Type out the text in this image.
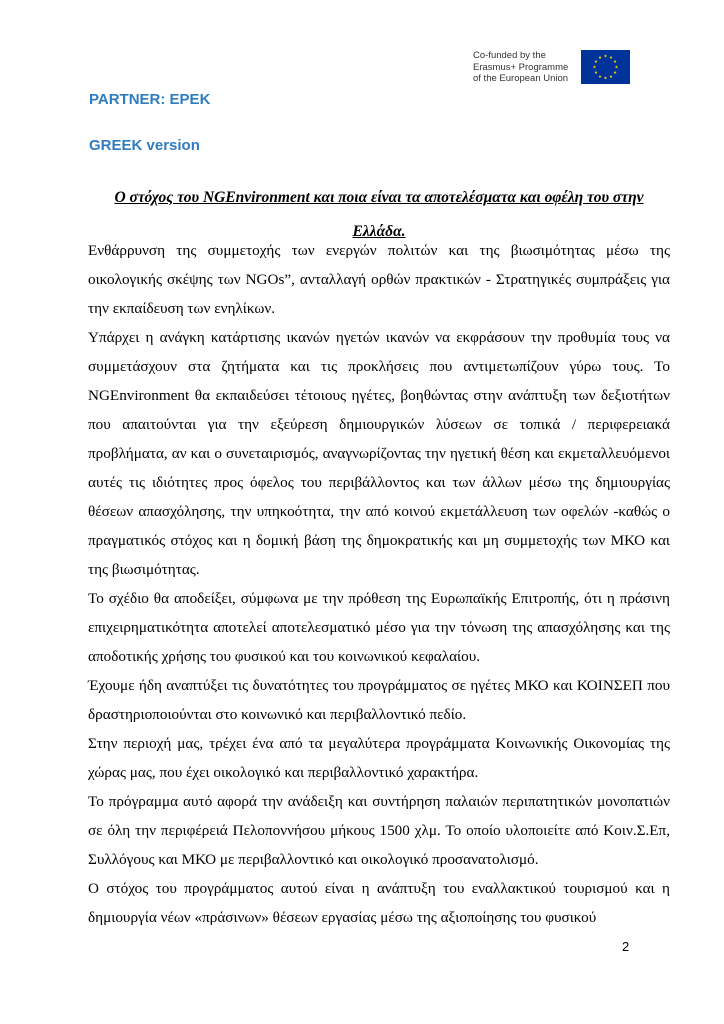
Co-funded by the
Erasmus+ Programme
of the European Union
PARTNER: EPEK
GREEK version
Ο στόχος του NGEnvironment και ποια είναι τα αποτελέσματα και οφέλη του στην Ελλάδα.

Ενθάρρυνση της συμμετοχής των ενεργών πολιτών και της βιωσιμότητας μέσω της οικολογικής σκέψης των NGOs”, ανταλλαγή ορθών πρακτικών - Στρατηγικές συμπράξεις για την εκπαίδευση των ενηλίκων.

Υπάρχει η ανάγκη κατάρτισης ικανών ηγετών ικανών να εκφράσουν την προθυμία τους να συμμετάσχουν στα ζητήματα και τις προκλήσεις που αντιμετωπίζουν γύρω τους. Το NGEnvironment θα εκπαιδεύσει τέτοιους ηγέτες, βοηθώντας στην ανάπτυξη των δεξιοτήτων που απαιτούνται για την εξεύρεση δημιουργικών λύσεων σε τοπικά / περιφερειακά προβλήματα, αν και ο συνεταιρισμός, αναγνωρίζοντας την ηγετική θέση και εκμεταλλευόμενοι αυτές τις ιδιότητες προς όφελος του περιβάλλοντος και των άλλων μέσω της δημιουργίας θέσεων απασχόλησης, την υπηκοότητα, την από κοινού εκμετάλλευση των οφελών -καθώς ο πραγματικός στόχος και η δομική βάση της δημοκρατικής και μη συμμετοχής των ΜΚΟ και της βιωσιμότητας.

Το σχέδιο θα αποδείξει, σύμφωνα με την πρόθεση της Ευρωπαϊκής Επιτροπής, ότι η πράσινη επιχειρηματικότητα αποτελεί αποτελεσματικό μέσο για την τόνωση της απασχόλησης και της αποδοτικής χρήσης του φυσικού και του κοινωνικού κεφαλαίου.

Έχουμε ήδη αναπτύξει τις δυνατότητες του προγράμματος σε ηγέτες ΜΚΟ και ΚΟΙΝΣΕΠ που δραστηριοποιούνται στο κοινωνικό και περιβαλλοντικό πεδίο.

Στην περιοχή μας, τρέχει ένα από τα μεγαλύτερα προγράμματα Κοινωνικής Οικονομίας της χώρας μας, που έχει οικολογικό και περιβαλλοντικό χαρακτήρα.

Το πρόγραμμα αυτό αφορά την ανάδειξη και συντήρηση παλαιών περιπατητικών μονοπατιών σε όλη την περιφέρειά Πελοποννήσου μήκους 1500 χλμ. Το οποίο υλοποιείτε από Κοιν.Σ.Επ, Συλλόγους και ΜΚΟ με περιβαλλοντικό και οικολογικό προσανατολισμό.

Ο στόχος του προγράμματος αυτού είναι η ανάπτυξη του εναλλακτικού τουρισμού και η δημιουργία νέων «πράσινων» θέσεων εργασίας μέσω της αξιοποίησης του φυσικού

2
